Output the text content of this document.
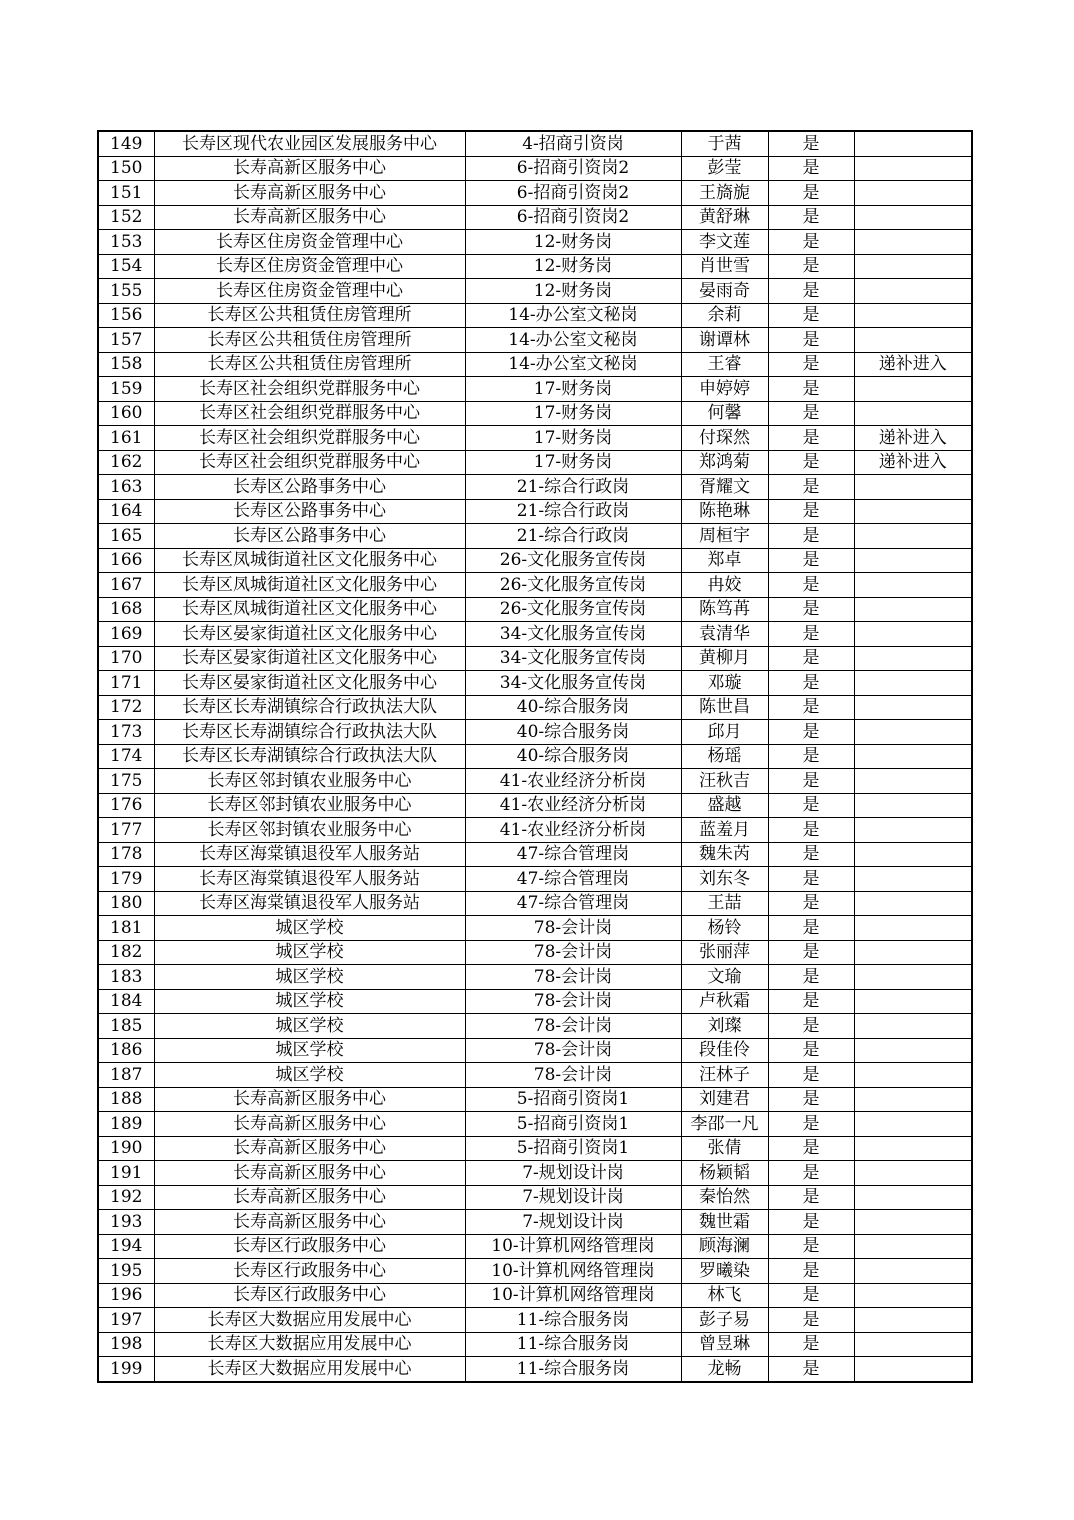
149	长寿区现代农业园区发展服务中心	4-招商引资岗	于茜	是	
150	长寿高新区服务中心	6-招商引资岗2	彭莹	是	
151	长寿高新区服务中心	6-招商引资岗2	王旖旎	是	
152	长寿高新区服务中心	6-招商引资岗2	黄舒琳	是	
153	长寿区住房资金管理中心	12-财务岗	李文莲	是	
154	长寿区住房资金管理中心	12-财务岗	肖世雪	是	
155	长寿区住房资金管理中心	12-财务岗	晏雨奇	是	
156	长寿区公共租赁住房管理所	14-办公室文秘岗	余莉	是	
157	长寿区公共租赁住房管理所	14-办公室文秘岗	谢谭林	是	
158	长寿区公共租赁住房管理所	14-办公室文秘岗	王睿	是	递补进入
159	长寿区社会组织党群服务中心	17-财务岗	申婷婷	是	
160	长寿区社会组织党群服务中心	17-财务岗	何馨	是	
161	长寿区社会组织党群服务中心	17-财务岗	付琛然	是	递补进入
162	长寿区社会组织党群服务中心	17-财务岗	郑鸿菊	是	递补进入
163	长寿区公路事务中心	21-综合行政岗	胥耀文	是	
164	长寿区公路事务中心	21-综合行政岗	陈艳琳	是	
165	长寿区公路事务中心	21-综合行政岗	周桓宇	是	
166	长寿区凤城街道社区文化服务中心	26-文化服务宣传岗	郑卓	是	
167	长寿区凤城街道社区文化服务中心	26-文化服务宣传岗	冉姣	是	
168	长寿区凤城街道社区文化服务中心	26-文化服务宣传岗	陈笃苒	是	
169	长寿区晏家街道社区文化服务中心	34-文化服务宣传岗	袁清华	是	
170	长寿区晏家街道社区文化服务中心	34-文化服务宣传岗	黄柳月	是	
171	长寿区晏家街道社区文化服务中心	34-文化服务宣传岗	邓璇	是	
172	长寿区长寿湖镇综合行政执法大队	40-综合服务岗	陈世昌	是	
173	长寿区长寿湖镇综合行政执法大队	40-综合服务岗	邱月	是	
174	长寿区长寿湖镇综合行政执法大队	40-综合服务岗	杨瑶	是	
175	长寿区邻封镇农业服务中心	41-农业经济分析岗	汪秋吉	是	
176	长寿区邻封镇农业服务中心	41-农业经济分析岗	盛越	是	
177	长寿区邻封镇农业服务中心	41-农业经济分析岗	蓝羞月	是	
178	长寿区海棠镇退役军人服务站	47-综合管理岗	魏朱芮	是	
179	长寿区海棠镇退役军人服务站	47-综合管理岗	刘东冬	是	
180	长寿区海棠镇退役军人服务站	47-综合管理岗	王喆	是	
181	城区学校	78-会计岗	杨铃	是	
182	城区学校	78-会计岗	张丽萍	是	
183	城区学校	78-会计岗	文瑜	是	
184	城区学校	78-会计岗	卢秋霜	是	
185	城区学校	78-会计岗	刘璨	是	
186	城区学校	78-会计岗	段佳伶	是	
187	城区学校	78-会计岗	汪林子	是	
188	长寿高新区服务中心	5-招商引资岗1	刘建君	是	
189	长寿高新区服务中心	5-招商引资岗1	李邵一凡	是	
190	长寿高新区服务中心	5-招商引资岗1	张倩	是	
191	长寿高新区服务中心	7-规划设计岗	杨颖韬	是	
192	长寿高新区服务中心	7-规划设计岗	秦怡然	是	
193	长寿高新区服务中心	7-规划设计岗	魏世霜	是	
194	长寿区行政服务中心	10-计算机网络管理岗	顾海澜	是	
195	长寿区行政服务中心	10-计算机网络管理岗	罗曦染	是	
196	长寿区行政服务中心	10-计算机网络管理岗	林飞	是	
197	长寿区大数据应用发展中心	11-综合服务岗	彭子易	是	
198	长寿区大数据应用发展中心	11-综合服务岗	曾昱琳	是	
199	长寿区大数据应用发展中心	11-综合服务岗	龙畅	是	
